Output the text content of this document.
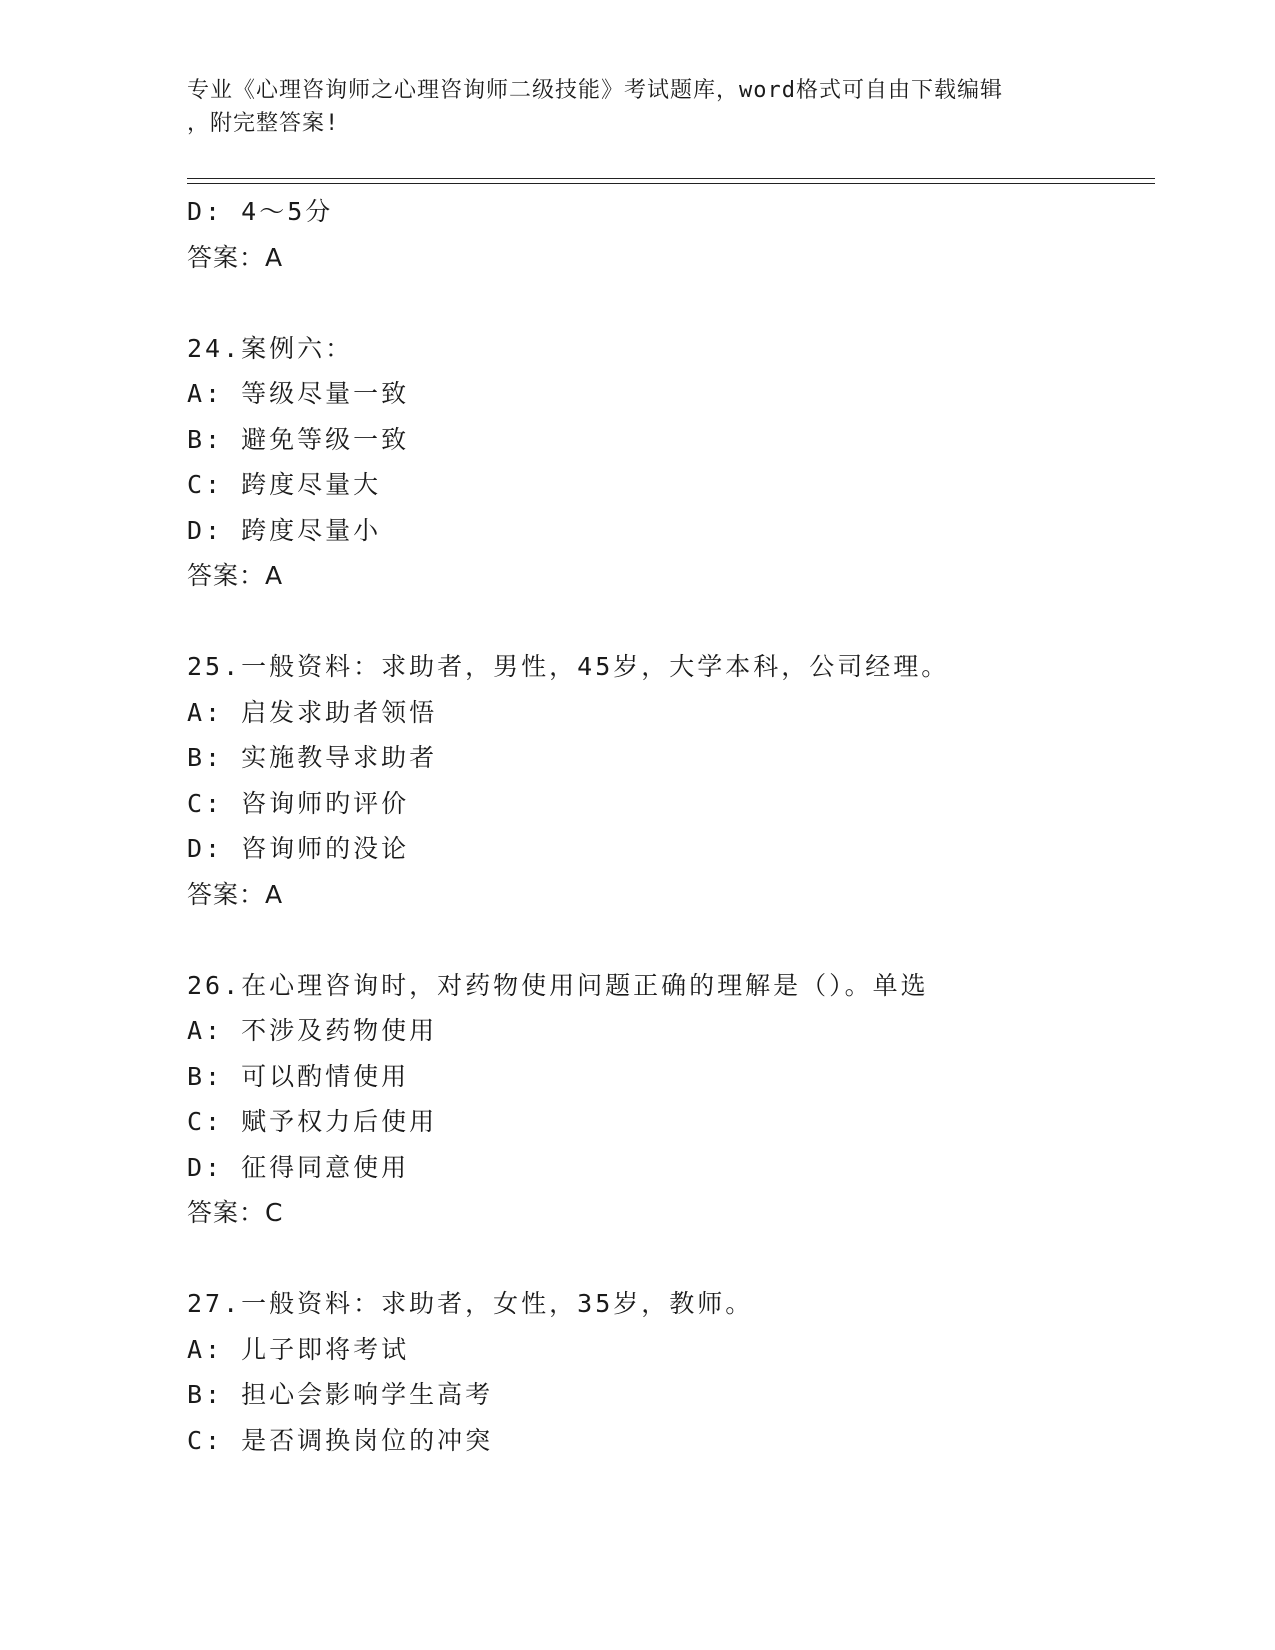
专业《心理咨询师之心理咨询师二级技能》考试题库，word格式可自由下载编辑
，附完整答案!
D: 4～5分
答案：A
24.案例六：
A: 等级尽量一致
B: 避免等级一致
C: 跨度尽量大
D: 跨度尽量小
答案：A
25.一般资料：求助者，男性，45岁，大学本科，公司经理。
A: 启发求助者领悟
B: 实施教导求助者
C: 咨询师旳评价
D: 咨询师的没论
答案：A
26.在心理咨询时，对药物使用问题正确的理解是（）。单选
A: 不涉及药物使用
B: 可以酌情使用
C: 赋予权力后使用
D: 征得同意使用
答案：C
27.一般资料：求助者，女性，35岁，教师。
A: 儿子即将考试
B: 担心会影响学生高考
C: 是否调换岗位的冲突
